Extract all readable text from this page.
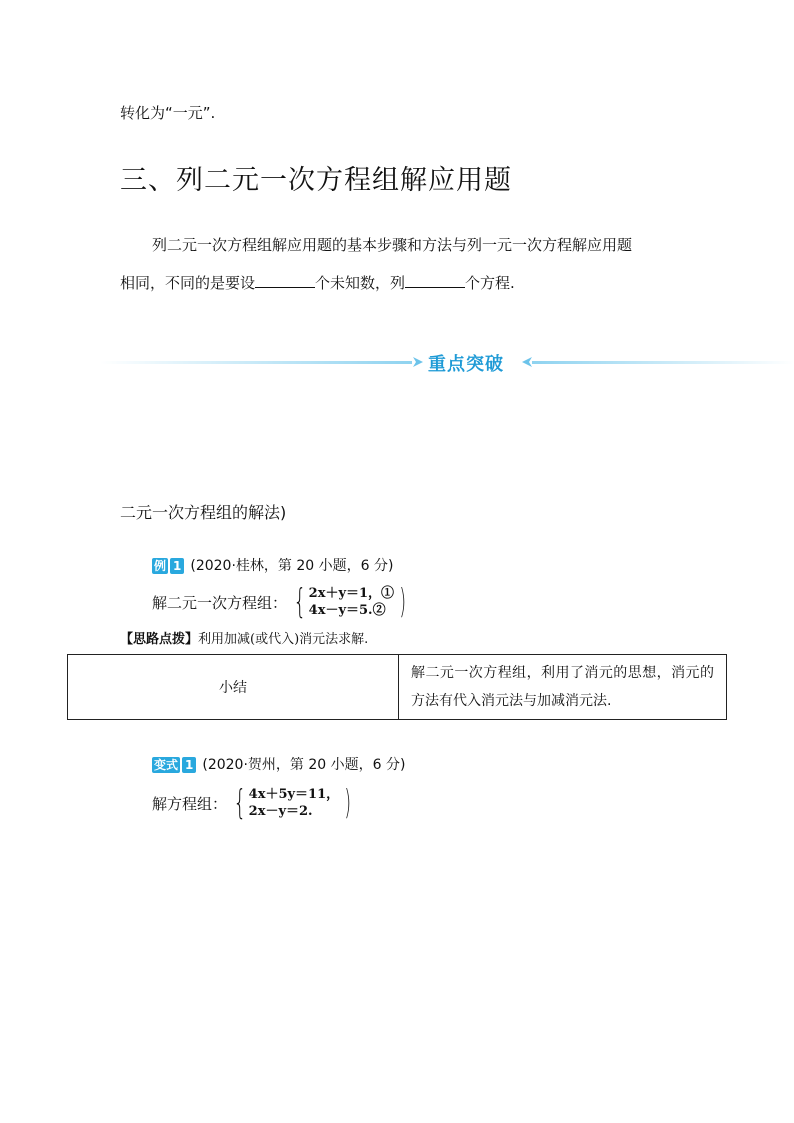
转化为“一元”.
三、列二元一次方程组解应用题
列二元一次方程组解应用题的基本步骤和方法与列一元一次方程解应用题
相同，不同的是要设	个未知数，列	个方程.
重点突破
二元一次方程组的解法)
例 1 (2020·桂林，第 20 小题，6 分)
解二元一次方程组： { 2x＋y＝1，①
4x－y＝5.② )
【思路点拨】利用加减(或代入)消元法求解.
小结	解二元一次方程组，利用了消元的思想，消元的方法有代入消元法与加减消元法.
变式 1 (2020·贺州，第 20 小题，6 分)
解方程组： { 4x＋5y＝11，
2x－y＝2. )
